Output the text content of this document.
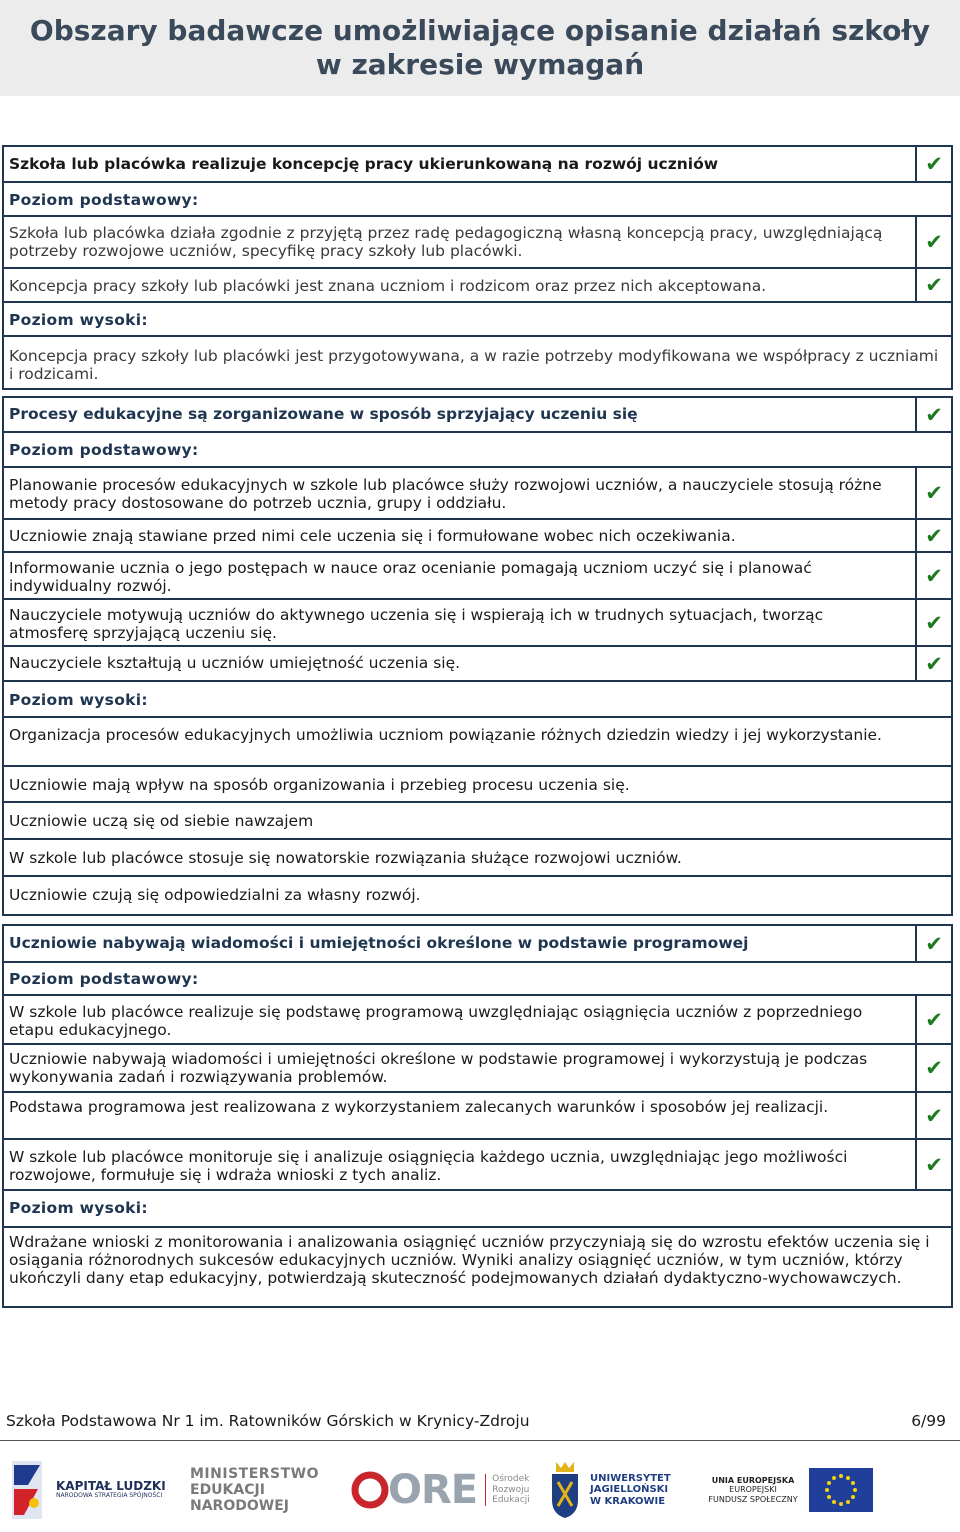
Obszary badawcze umożliwiające opisanie działań szkoły
w zakresie wymagań
Szkoła lub placówka realizuje koncepcję pracy ukierunkowaną na rozwój uczniów	✔
Poziom podstawowy:
Szkoła lub placówka działa zgodnie z przyjętą przez radę pedagogiczną własną koncepcją pracy, uwzględniającą potrzeby rozwojowe uczniów, specyfikę pracy szkoły lub placówki.	✔
Koncepcja pracy szkoły lub placówki jest znana uczniom i rodzicom oraz przez nich akceptowana.	✔
Poziom wysoki:
Koncepcja pracy szkoły lub placówki jest przygotowywana, a w razie potrzeby modyfikowana we współpracy z uczniami i rodzicami.
Procesy edukacyjne są zorganizowane w sposób sprzyjający uczeniu się	✔
Poziom podstawowy:
Planowanie procesów edukacyjnych w szkole lub placówce służy rozwojowi uczniów, a nauczyciele stosują różne metody pracy dostosowane do potrzeb ucznia, grupy i oddziału.	✔
Uczniowie znają stawiane przed nimi cele uczenia się i formułowane wobec nich oczekiwania.	✔
Informowanie ucznia o jego postępach w nauce oraz ocenianie pomagają uczniom uczyć się i planować indywidualny rozwój.	✔
Nauczyciele motywują uczniów do aktywnego uczenia się i wspierają ich w trudnych sytuacjach, tworząc atmosferę sprzyjającą uczeniu się.	✔
Nauczyciele kształtują u uczniów umiejętność uczenia się.	✔
Poziom wysoki:
Organizacja procesów edukacyjnych umożliwia uczniom powiązanie różnych dziedzin wiedzy i jej wykorzystanie.
Uczniowie mają wpływ na sposób organizowania i przebieg procesu uczenia się.
Uczniowie uczą się od siebie nawzajem
W szkole lub placówce stosuje się nowatorskie rozwiązania służące rozwojowi uczniów.
Uczniowie czują się odpowiedzialni za własny rozwój.
Uczniowie nabywają wiadomości i umiejętności określone w podstawie programowej	✔
Poziom podstawowy:
W szkole lub placówce realizuje się podstawę programową uwzględniając osiągnięcia uczniów z poprzedniego etapu edukacyjnego.	✔
Uczniowie nabywają wiadomości i umiejętności określone w podstawie programowej i wykorzystują je podczas wykonywania zadań i rozwiązywania problemów.	✔
Podstawa programowa jest realizowana z wykorzystaniem zalecanych warunków i sposobów jej realizacji.	✔
W szkole lub placówce monitoruje się i analizuje osiągnięcia każdego ucznia, uwzględniając jego możliwości rozwojowe, formułuje się i wdraża wnioski z tych analiz.	✔
Poziom wysoki:
Wdrażane wnioski z monitorowania i analizowania osiągnięć uczniów przyczyniają się do wzrostu efektów uczenia się i osiągania różnorodnych sukcesów edukacyjnych uczniów. Wyniki analizy osiągnięć uczniów, w tym uczniów, którzy ukończyli dany etap edukacyjny, potwierdzają skuteczność podejmowanych działań dydaktyczno-wychowawczych.
Szkoła Podstawowa Nr 1 im. Ratowników Górskich w Krynicy-Zdroju	6/99
KAPITAŁ LUDZKI
NARODOWA STRATEGIA SPÓJNOŚCI
MINISTERSTWO
EDUKACJI
NARODOWEJ	ORE Ośrodek
Rozwoju
Edukacji
UNIWERSYTET
JAGIELLOŃSKI
W KRAKOWIE
UNIA EUROPEJSKA
EUROPEJSKI
FUNDUSZ SPOŁECZNY
